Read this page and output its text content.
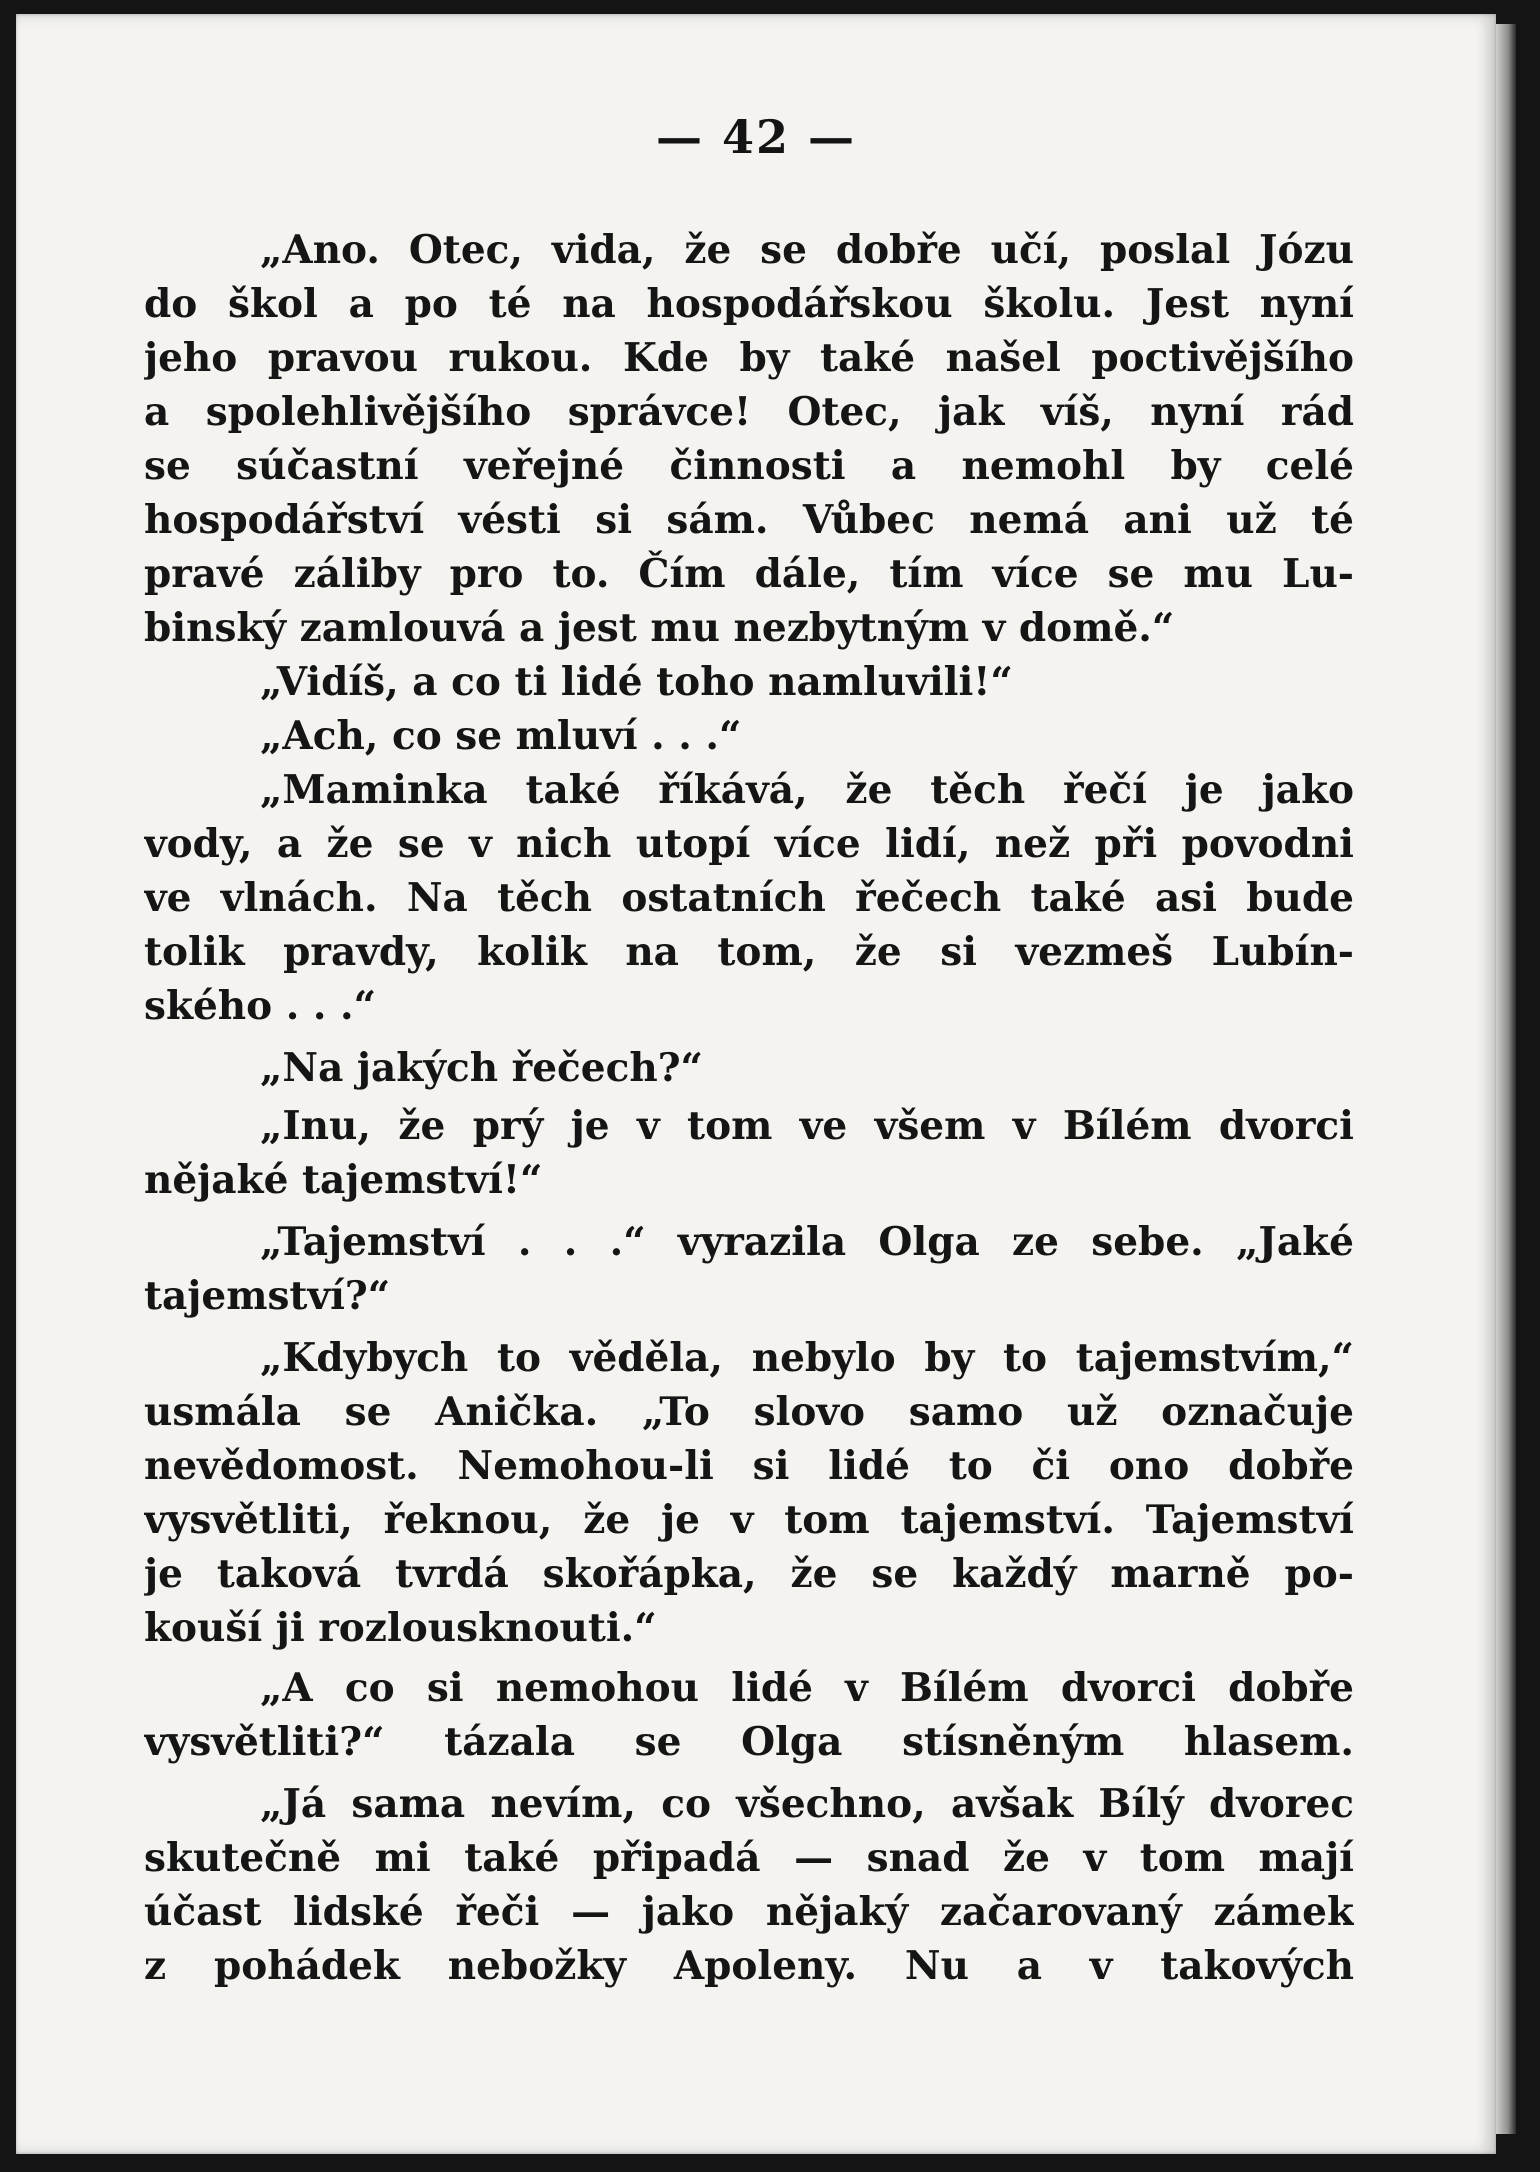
— 42 —
„Ano. Otec, vida, že se dobře učí, poslal Józu
do škol a po té na hospodářskou školu. Jest nyní
jeho pravou rukou. Kde by také našel poctivějšího
a spolehlivějšího správce! Otec, jak víš, nyní rád
se súčastní veřejné činnosti a nemohl by celé
hospodářství vésti si sám. Vůbec nemá ani už té
pravé záliby pro to. Čím dále, tím více se mu Lu-
binský zamlouvá a jest mu nezbytným v domě.“
„Vidíš, a co ti lidé toho namluvili!“
„Ach, co se mluví . . .“
„Maminka také říkává, že těch řečí je jako
vody, a že se v nich utopí více lidí, než při povodni
ve vlnách. Na těch ostatních řečech také asi bude
tolik pravdy, kolik na tom, že si vezmeš Lubín-
ského . . .“
„Na jakých řečech?“
„Inu, že prý je v tom ve všem v Bílém dvorci
nějaké tajemství!“
„Tajemství . . .“ vyrazila Olga ze sebe. „Jaké
tajemství?“
„Kdybych to věděla, nebylo by to tajemstvím,“
usmála se Anička. „To slovo samo už označuje
nevědomost. Nemohou-li si lidé to či ono dobře
vysvětliti, řeknou, že je v tom tajemství. Tajemství
je taková tvrdá skořápka, že se každý marně po-
kouší ji rozlousknouti.“
„A co si nemohou lidé v Bílém dvorci dobře
vysvětliti?“ tázala se Olga stísněným hlasem.
„Já sama nevím, co všechno, avšak Bílý dvorec
skutečně mi také připadá — snad že v tom mají
účast lidské řeči — jako nějaký začarovaný zámek
z pohádek nebožky Apoleny. Nu a v takových
